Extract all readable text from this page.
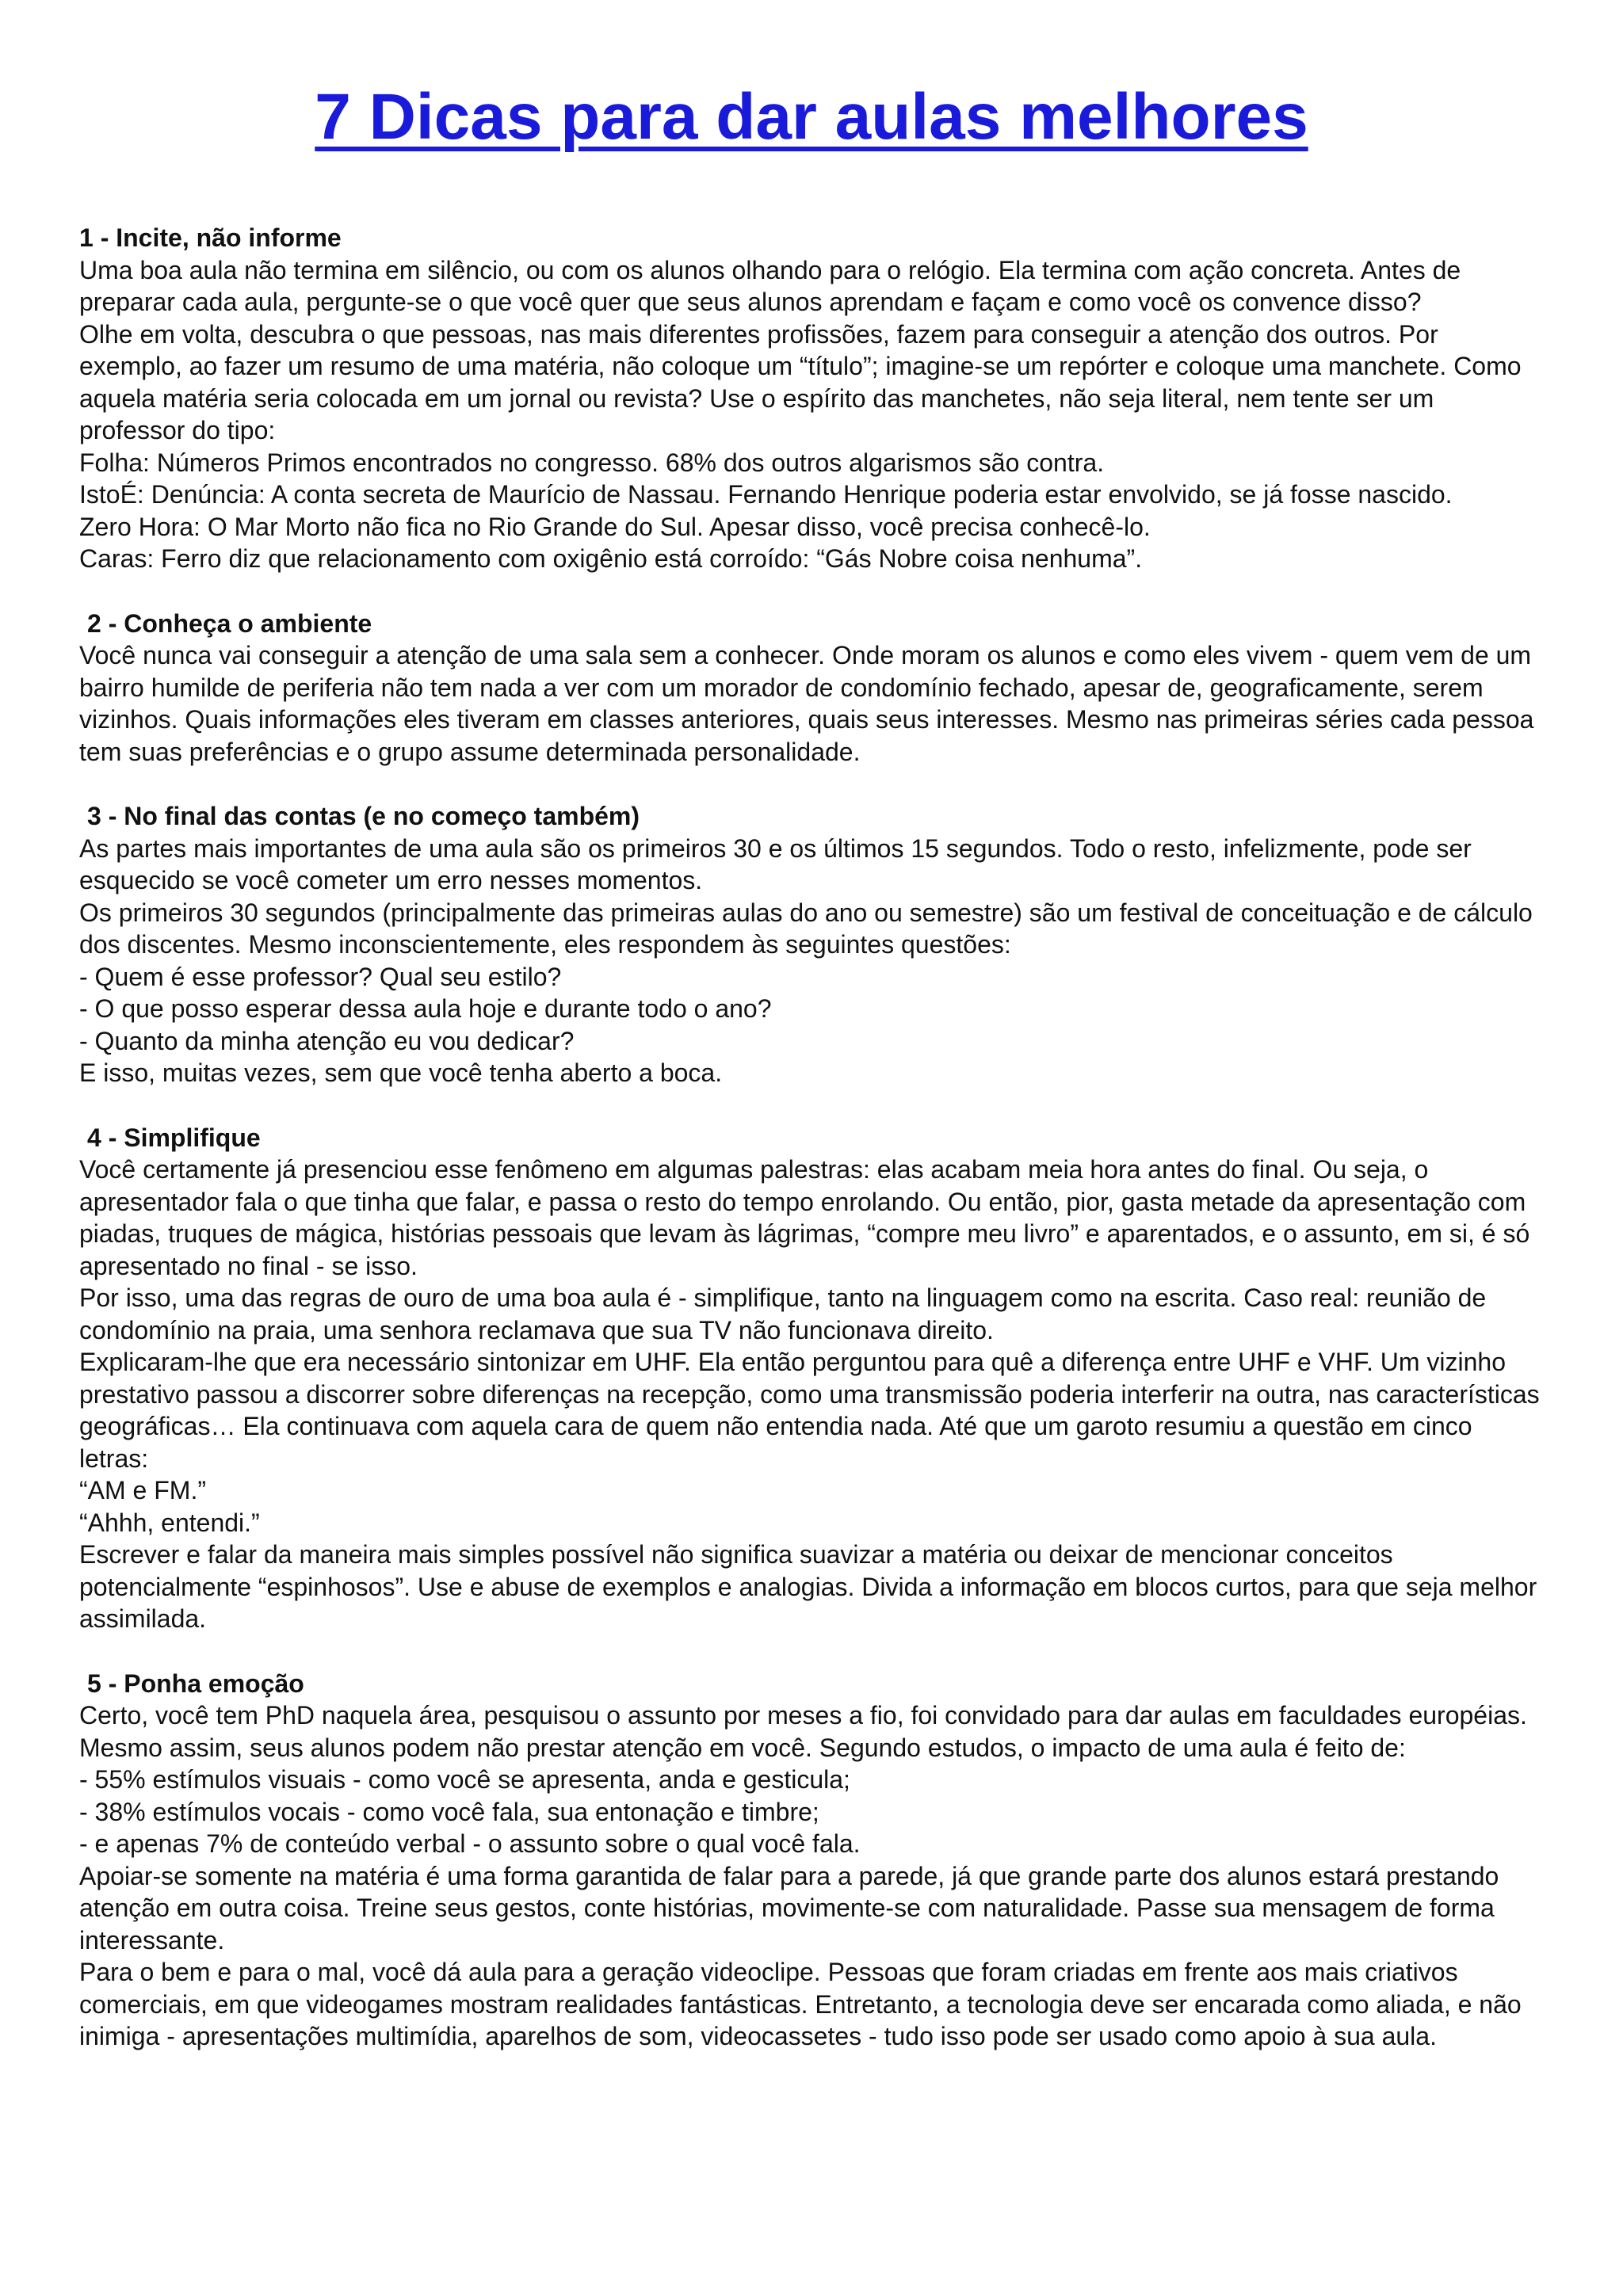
7 Dicas para dar aulas melhores

1 - Incite, não informe

Uma boa aula não termina em silêncio, ou com os alunos olhando para o relógio. Ela termina com ação concreta. Antes de preparar cada aula, pergunte-se o que você quer que seus alunos aprendam e façam e como você os convence disso?

Olhe em volta, descubra o que pessoas, nas mais diferentes profissões, fazem para conseguir a atenção dos outros. Por exemplo, ao fazer um resumo de uma matéria, não coloque um “título”; imagine-se um repórter e coloque uma manchete. Como aquela matéria seria colocada em um jornal ou revista? Use o espírito das manchetes, não seja literal, nem tente ser um professor do tipo:

Folha: Números Primos encontrados no congresso. 68% dos outros algarismos são contra.

IstoÉ: Denúncia: A conta secreta de Maurício de Nassau. Fernando Henrique poderia estar envolvido, se já fosse nascido.

Zero Hora: O Mar Morto não fica no Rio Grande do Sul. Apesar disso, você precisa conhecê-lo.

Caras: Ferro diz que relacionamento com oxigênio está corroído: “Gás Nobre coisa nenhuma”.

2 - Conheça o ambiente

Você nunca vai conseguir a atenção de uma sala sem a conhecer. Onde moram os alunos e como eles vivem - quem vem de um bairro humilde de periferia não tem nada a ver com um morador de condomínio fechado, apesar de, geograficamente, serem vizinhos. Quais informações eles tiveram em classes anteriores, quais seus interesses. Mesmo nas primeiras séries cada pessoa tem suas preferências e o grupo assume determinada personalidade.

3 - No final das contas (e no começo também)

As partes mais importantes de uma aula são os primeiros 30 e os últimos 15 segundos. Todo o resto, infelizmente, pode ser esquecido se você cometer um erro nesses momentos.

Os primeiros 30 segundos (principalmente das primeiras aulas do ano ou semestre) são um festival de conceituação e de cálculo dos discentes. Mesmo inconscientemente, eles respondem às seguintes questões:

- Quem é esse professor? Qual seu estilo?

- O que posso esperar dessa aula hoje e durante todo o ano?

- Quanto da minha atenção eu vou dedicar?

E isso, muitas vezes, sem que você tenha aberto a boca.

4 - Simplifique

Você certamente já presenciou esse fenômeno em algumas palestras: elas acabam meia hora antes do final. Ou seja, o apresentador fala o que tinha que falar, e passa o resto do tempo enrolando. Ou então, pior, gasta metade da apresentação com piadas, truques de mágica, histórias pessoais que levam às lágrimas, “compre meu livro” e aparentados, e o assunto, em si, é só apresentado no final - se isso.

Por isso, uma das regras de ouro de uma boa aula é - simplifique, tanto na linguagem como na escrita. Caso real: reunião de condomínio na praia, uma senhora reclamava que sua TV não funcionava direito.

Explicaram-lhe que era necessário sintonizar em UHF. Ela então perguntou para quê a diferença entre UHF e VHF. Um vizinho prestativo passou a discorrer sobre diferenças na recepção, como uma transmissão poderia interferir na outra, nas características geográficas… Ela continuava com aquela cara de quem não entendia nada. Até que um garoto resumiu a questão em cinco letras:

“AM e FM.”

“Ahhh, entendi.”

Escrever e falar da maneira mais simples possível não significa suavizar a matéria ou deixar de mencionar conceitos potencialmente “espinhosos”. Use e abuse de exemplos e analogias. Divida a informação em blocos curtos, para que seja melhor assimilada.

5 - Ponha emoção

Certo, você tem PhD naquela área, pesquisou o assunto por meses a fio, foi convidado para dar aulas em faculdades européias. Mesmo assim, seus alunos podem não prestar atenção em você. Segundo estudos, o impacto de uma aula é feito de:

- 55% estímulos visuais - como você se apresenta, anda e gesticula;

- 38% estímulos vocais - como você fala, sua entonação e timbre;

- e apenas 7% de conteúdo verbal - o assunto sobre o qual você fala.

Apoiar-se somente na matéria é uma forma garantida de falar para a parede, já que grande parte dos alunos estará prestando atenção em outra coisa. Treine seus gestos, conte histórias, movimente-se com naturalidade. Passe sua mensagem de forma interessante.

Para o bem e para o mal, você dá aula para a geração videoclipe. Pessoas que foram criadas em frente aos mais criativos comerciais, em que videogames mostram realidades fantásticas. Entretanto, a tecnologia deve ser encarada como aliada, e não inimiga - apresentações multimídia, aparelhos de som, videocassetes - tudo isso pode ser usado como apoio à sua aula.
